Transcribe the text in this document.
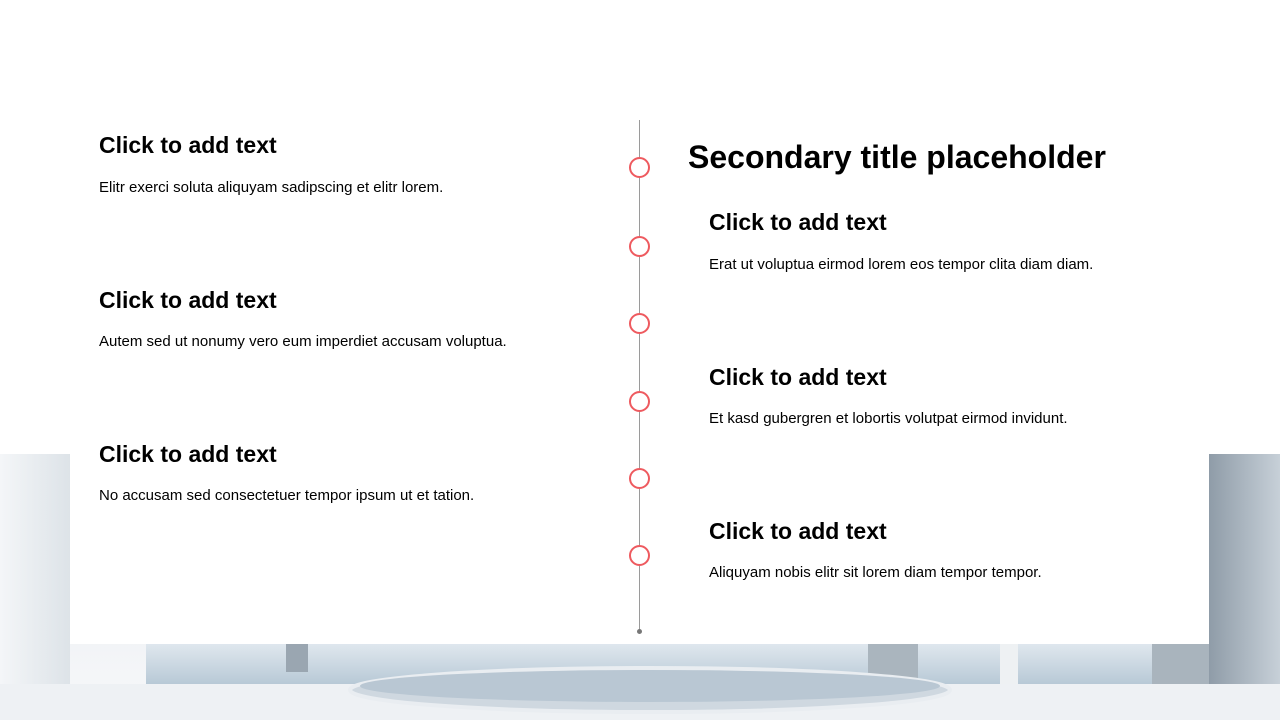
Secondary title placeholder
Click to add text
Elitr exerci soluta aliquyam sadipscing et elitr lorem.
Click to add text
Autem sed ut nonumy vero eum imperdiet accusam voluptua.
Click to add text
No accusam sed consectetuer tempor ipsum ut et tation.
Click to add text
Erat ut voluptua eirmod lorem eos tempor clita diam diam.
Click to add text
Et kasd gubergren et lobortis volutpat eirmod invidunt.
Click to add text
Aliquyam nobis elitr sit lorem diam tempor tempor.
